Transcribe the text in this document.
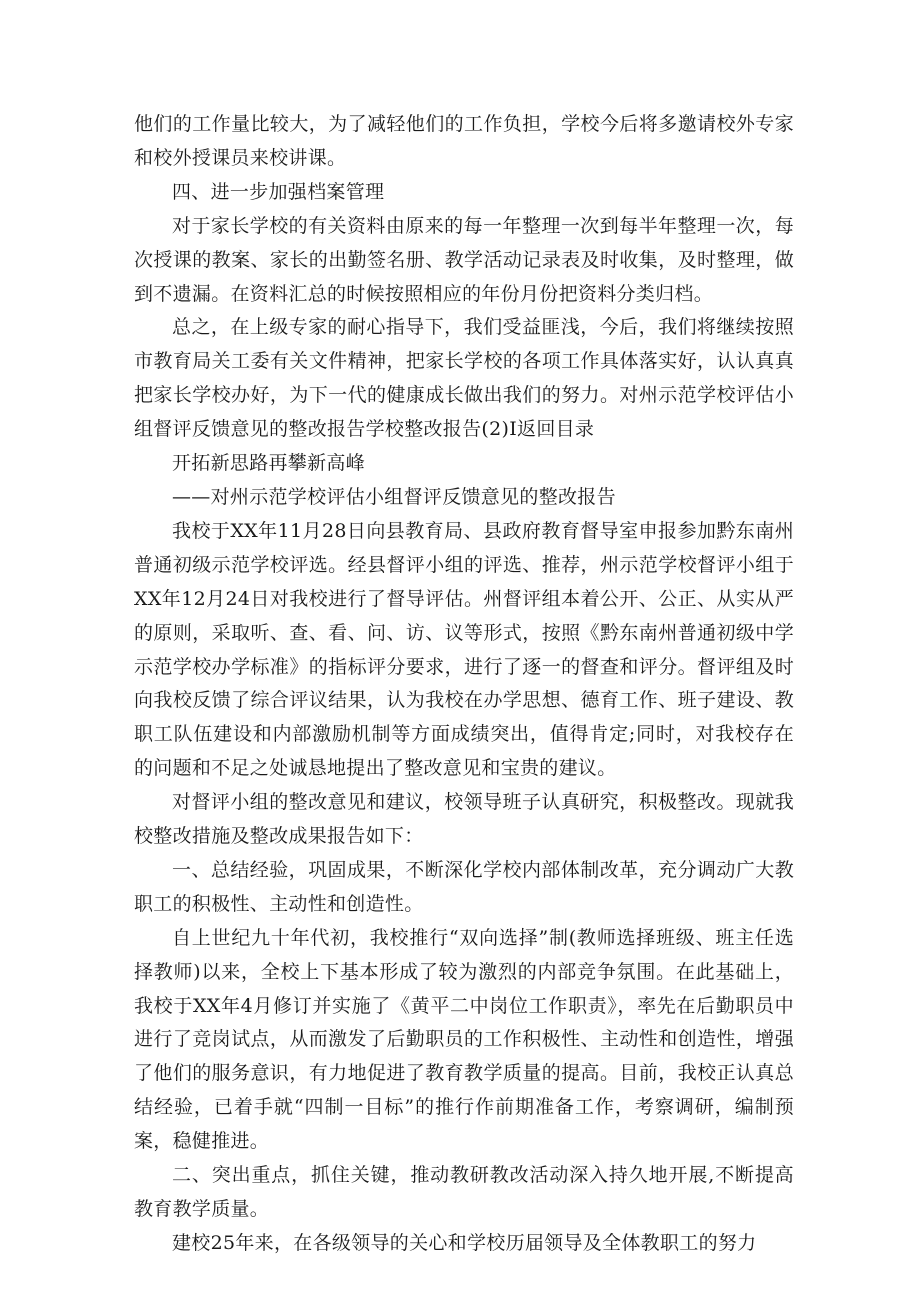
他们的工作量比较大，为了减轻他们的工作负担，学校今后将多邀请校外专家和校外授课员来校讲课。

四、进一步加强档案管理

对于家长学校的有关资料由原来的每一年整理一次到每半年整理一次，每次授课的教案、家长的出勤签名册、教学活动记录表及时收集，及时整理，做到不遗漏。在资料汇总的时候按照相应的年份月份把资料分类归档。

总之，在上级专家的耐心指导下，我们受益匪浅，今后，我们将继续按照市教育局关工委有关文件精神，把家长学校的各项工作具体落实好，认认真真把家长学校办好，为下一代的健康成长做出我们的努力。对州示范学校评估小组督评反馈意见的整改报告学校整改报告(2)I返回目录

开拓新思路再攀新高峰

——对州示范学校评估小组督评反馈意见的整改报告

我校于XX年11月28日向县教育局、县政府教育督导室申报参加黔东南州普通初级示范学校评选。经县督评小组的评选、推荐，州示范学校督评小组于XX年12月24日对我校进行了督导评估。州督评组本着公开、公正、从实从严的原则，采取听、查、看、问、访、议等形式，按照《黔东南州普通初级中学示范学校办学标准》的指标评分要求，进行了逐一的督查和评分。督评组及时向我校反馈了综合评议结果，认为我校在办学思想、德育工作、班子建设、教职工队伍建设和内部激励机制等方面成绩突出，值得肯定;同时，对我校存在的问题和不足之处诚恳地提出了整改意见和宝贵的建议。

对督评小组的整改意见和建议，校领导班子认真研究，积极整改。现就我校整改措施及整改成果报告如下：

一、总结经验，巩固成果，不断深化学校内部体制改革，充分调动广大教职工的积极性、主动性和创造性。

自上世纪九十年代初，我校推行“双向选择”制(教师选择班级、班主任选择教师)以来，全校上下基本形成了较为激烈的内部竞争氛围。在此基础上，我校于XX年4月修订并实施了《黄平二中岗位工作职责》，率先在后勤职员中进行了竞岗试点，从而激发了后勤职员的工作积极性、主动性和创造性，增强了他们的服务意识，有力地促进了教育教学质量的提高。目前，我校正认真总结经验，已着手就“四制一目标”的推行作前期准备工作，考察调研，编制预案，稳健推进。

二、突出重点，抓住关键，推动教研教改活动深入持久地开展,不断提高教育教学质量。

建校25年来，在各级领导的关心和学校历届领导及全体教职工的努力
